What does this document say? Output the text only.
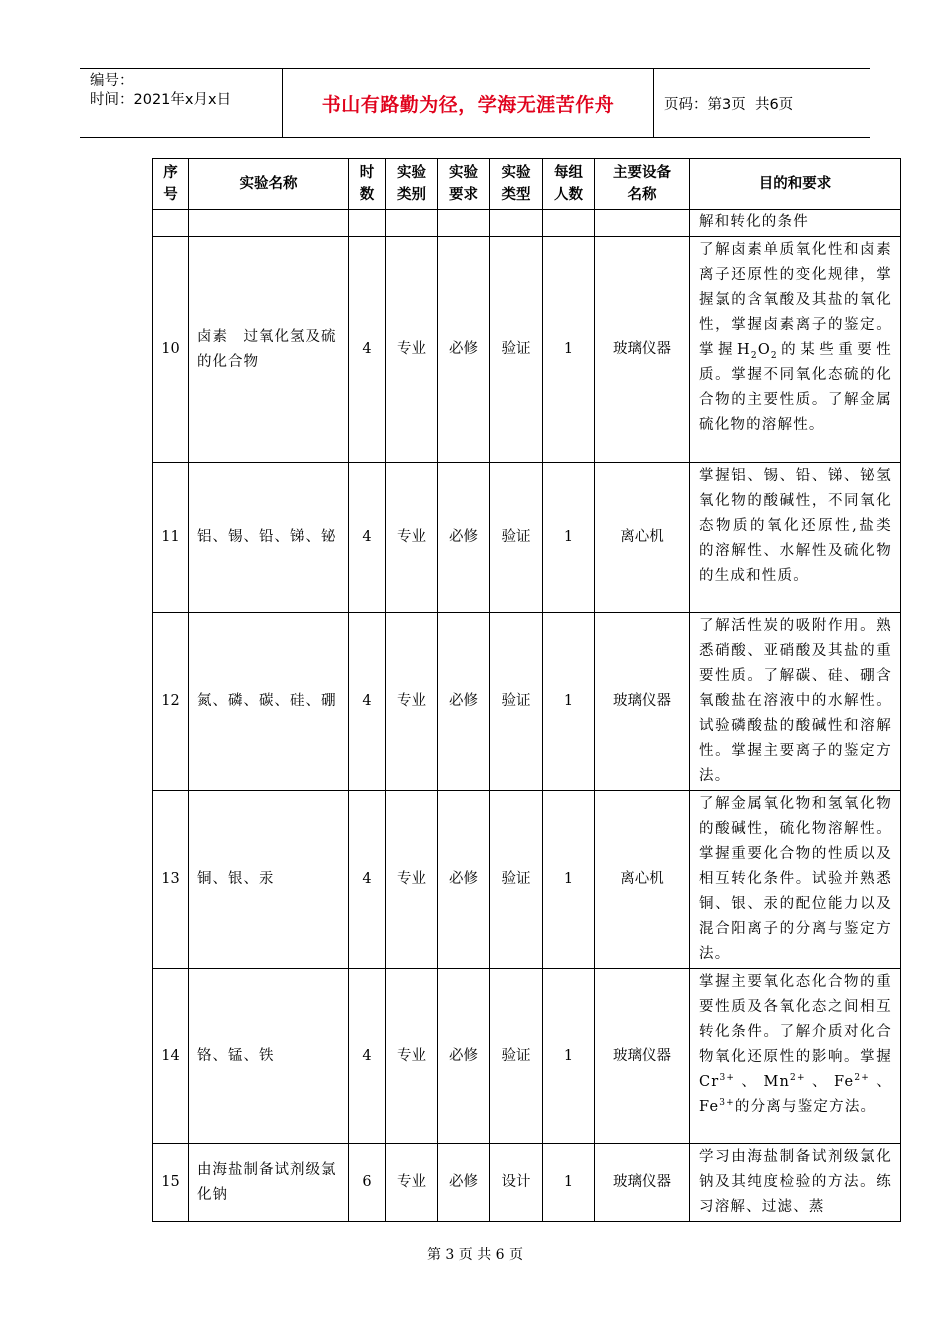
编号：
时间：2021年x月x日	书山有路勤为径，学海无涯苦作舟	页码：第3页  共6页
序号	实验名称	时数	实验类别	实验要求	实验类型	每组人数	主要设备名称	目的和要求
								解和转化的条件
10	卤素　过氧化氢及硫的化合物	4	专业	必修	验证	1	玻璃仪器	了解卤素单质氧化性和卤素离子还原性的变化规律，掌握氯的含氧酸及其盐的氧化性，掌握卤素离子的鉴定。掌握$H_2O_2$的某些重要性质。掌握不同氧化态硫的化合物的主要性质。了解金属硫化物的溶解性。
11	铝、锡、铅、锑、铋	4	专业	必修	验证	1	离心机	掌握铝、锡、铅、锑、铋氢氧化物的酸碱性，不同氧化态物质的氧化还原性,盐类的溶解性、水解性及硫化物的生成和性质。
12	氮、磷、碳、硅、硼	4	专业	必修	验证	1	玻璃仪器	了解活性炭的吸附作用。熟悉硝酸、亚硝酸及其盐的重要性质。了解碳、硅、硼含氧酸盐在溶液中的水解性。试验磷酸盐的酸碱性和溶解性。掌握主要离子的鉴定方法。
13	铜、银、汞	4	专业	必修	验证	1	离心机	了解金属氧化物和氢氧化物的酸碱性，硫化物溶解性。掌握重要化合物的性质以及相互转化条件。试验并熟悉铜、银、汞的配位能力以及混合阳离子的分离与鉴定方法。
14	铬、锰、铁	4	专业	必修	验证	1	玻璃仪器	掌握主要氧化态化合物的重要性质及各氧化态之间相互转化条件。了解介质对化合物氧化还原性的影响。掌握$Cr^{3+}$、$Mn^{2+}$、$Fe^{2+}$、$Fe^{3+}$的分离与鉴定方法。
15	由海盐制备试剂级氯化钠	6	专业	必修	设计	1	玻璃仪器	学习由海盐制备试剂级氯化钠及其纯度检验的方法。练习溶解、过滤、蒸
第 3 页 共 6 页
